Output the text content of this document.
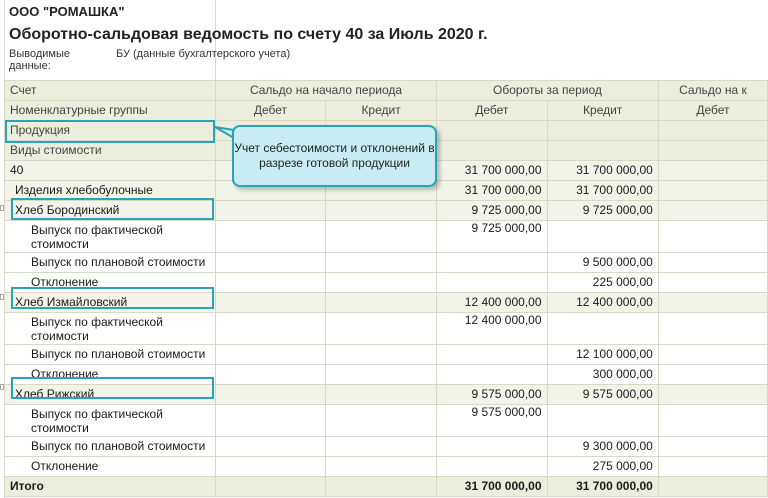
ООО "РОМАШКА"
Оборотно-сальдовая ведомость по счету 40 за Июль 2020 г.
Выводимые данные:
БУ (данные бухгалтерского учета)
Счет	Сальдо на начало периода		Обороты за период		Сальдо на к
Номенклатурные группы	Дебет	Кредит	Дебет	Кредит	Дебет
Продукция					
Виды стоимости					
40			31 700 000,00	31 700 000,00	
Изделия хлебобулочные			31 700 000,00	31 700 000,00	
Хлеб Бородинский			9 725 000,00	9 725 000,00	
Выпуск по фактической стоимости			9 725 000,00		
Выпуск по плановой стоимости				9 500 000,00	
Отклонение				225 000,00	
Хлеб Измайловский			12 400 000,00	12 400 000,00	
Выпуск по фактической стоимости			12 400 000,00		
Выпуск по плановой стоимости				12 100 000,00	
Отклонение				300 000,00	
Хлеб Рижский			9 575 000,00	9 575 000,00	
Выпуск по фактической стоимости			9 575 000,00		
Выпуск по плановой стоимости				9 300 000,00	
Отклонение				275 000,00	
Итого			31 700 000,00	31 700 000,00	
Учет себестоимости и отклонений в разрезе готовой продукции
